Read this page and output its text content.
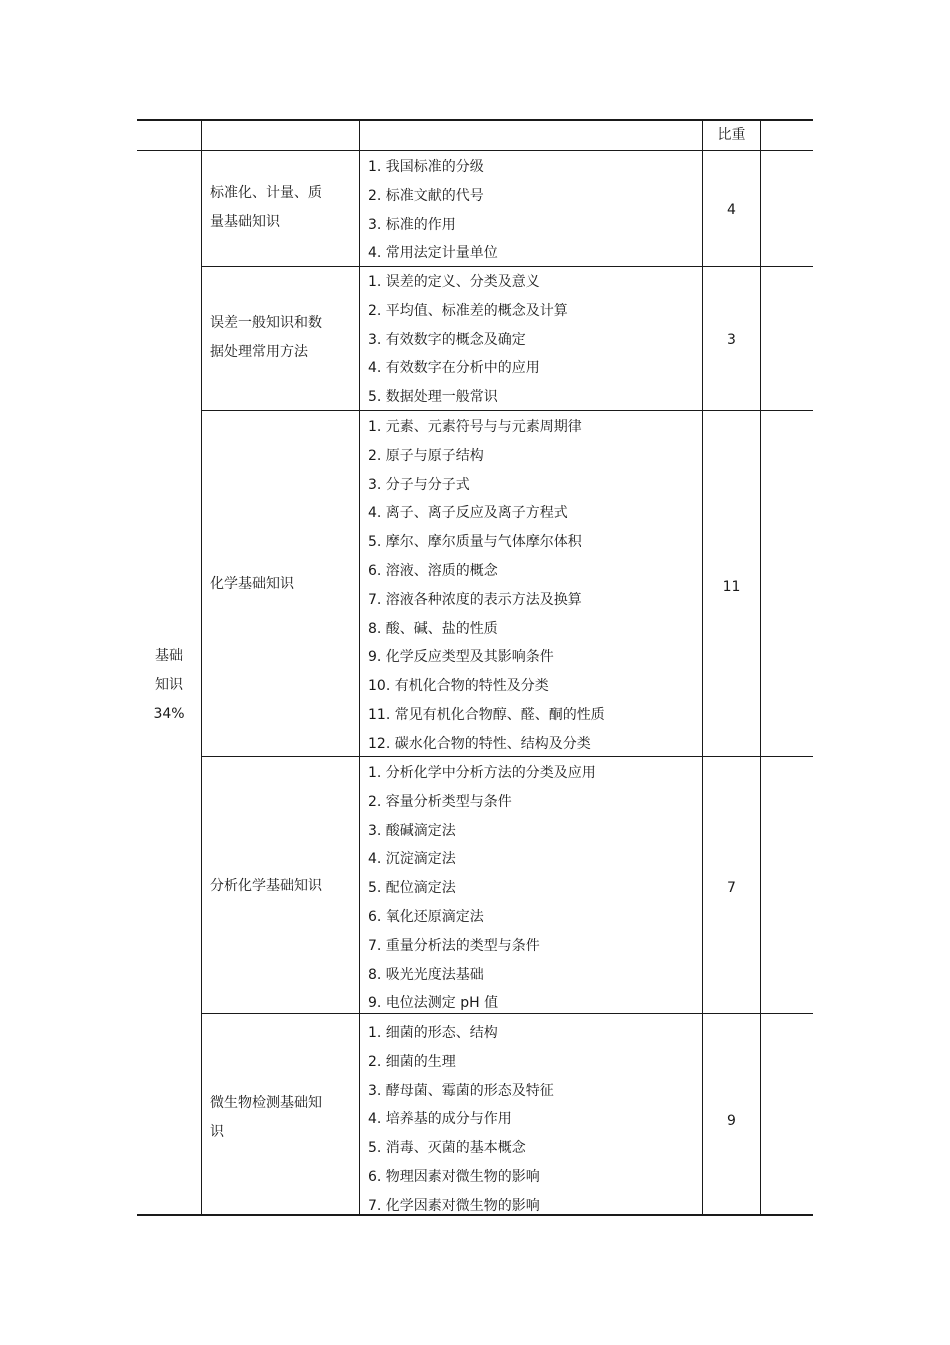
比重
基础
知识
34%
标准化、计量、质
量基础知识
1. 我国标准的分级
2. 标准文献的代号
3. 标准的作用
4. 常用法定计量单位
4
误差一般知识和数
据处理常用方法
1. 误差的定义、分类及意义
2. 平均值、标准差的概念及计算
3. 有效数字的概念及确定
4. 有效数字在分析中的应用
5. 数据处理一般常识
3
化学基础知识
1. 元素、元素符号与与元素周期律
2. 原子与原子结构
3. 分子与分子式
4. 离子、离子反应及离子方程式
5. 摩尔、摩尔质量与气体摩尔体积
6. 溶液、溶质的概念
7. 溶液各种浓度的表示方法及换算
8. 酸、碱、盐的性质
9. 化学反应类型及其影响条件
10. 有机化合物的特性及分类
11. 常见有机化合物醇、醛、酮的性质
12. 碳水化合物的特性、结构及分类
11
分析化学基础知识
1. 分析化学中分析方法的分类及应用
2. 容量分析类型与条件
3. 酸碱滴定法
4. 沉淀滴定法
5. 配位滴定法
6. 氧化还原滴定法
7. 重量分析法的类型与条件
8. 吸光光度法基础
9. 电位法测定 pH 值
7
微生物检测基础知
识
1. 细菌的形态、结构
2. 细菌的生理
3. 酵母菌、霉菌的形态及特征
4. 培养基的成分与作用
5. 消毒、灭菌的基本概念
6. 物理因素对微生物的影响
7. 化学因素对微生物的影响
9
